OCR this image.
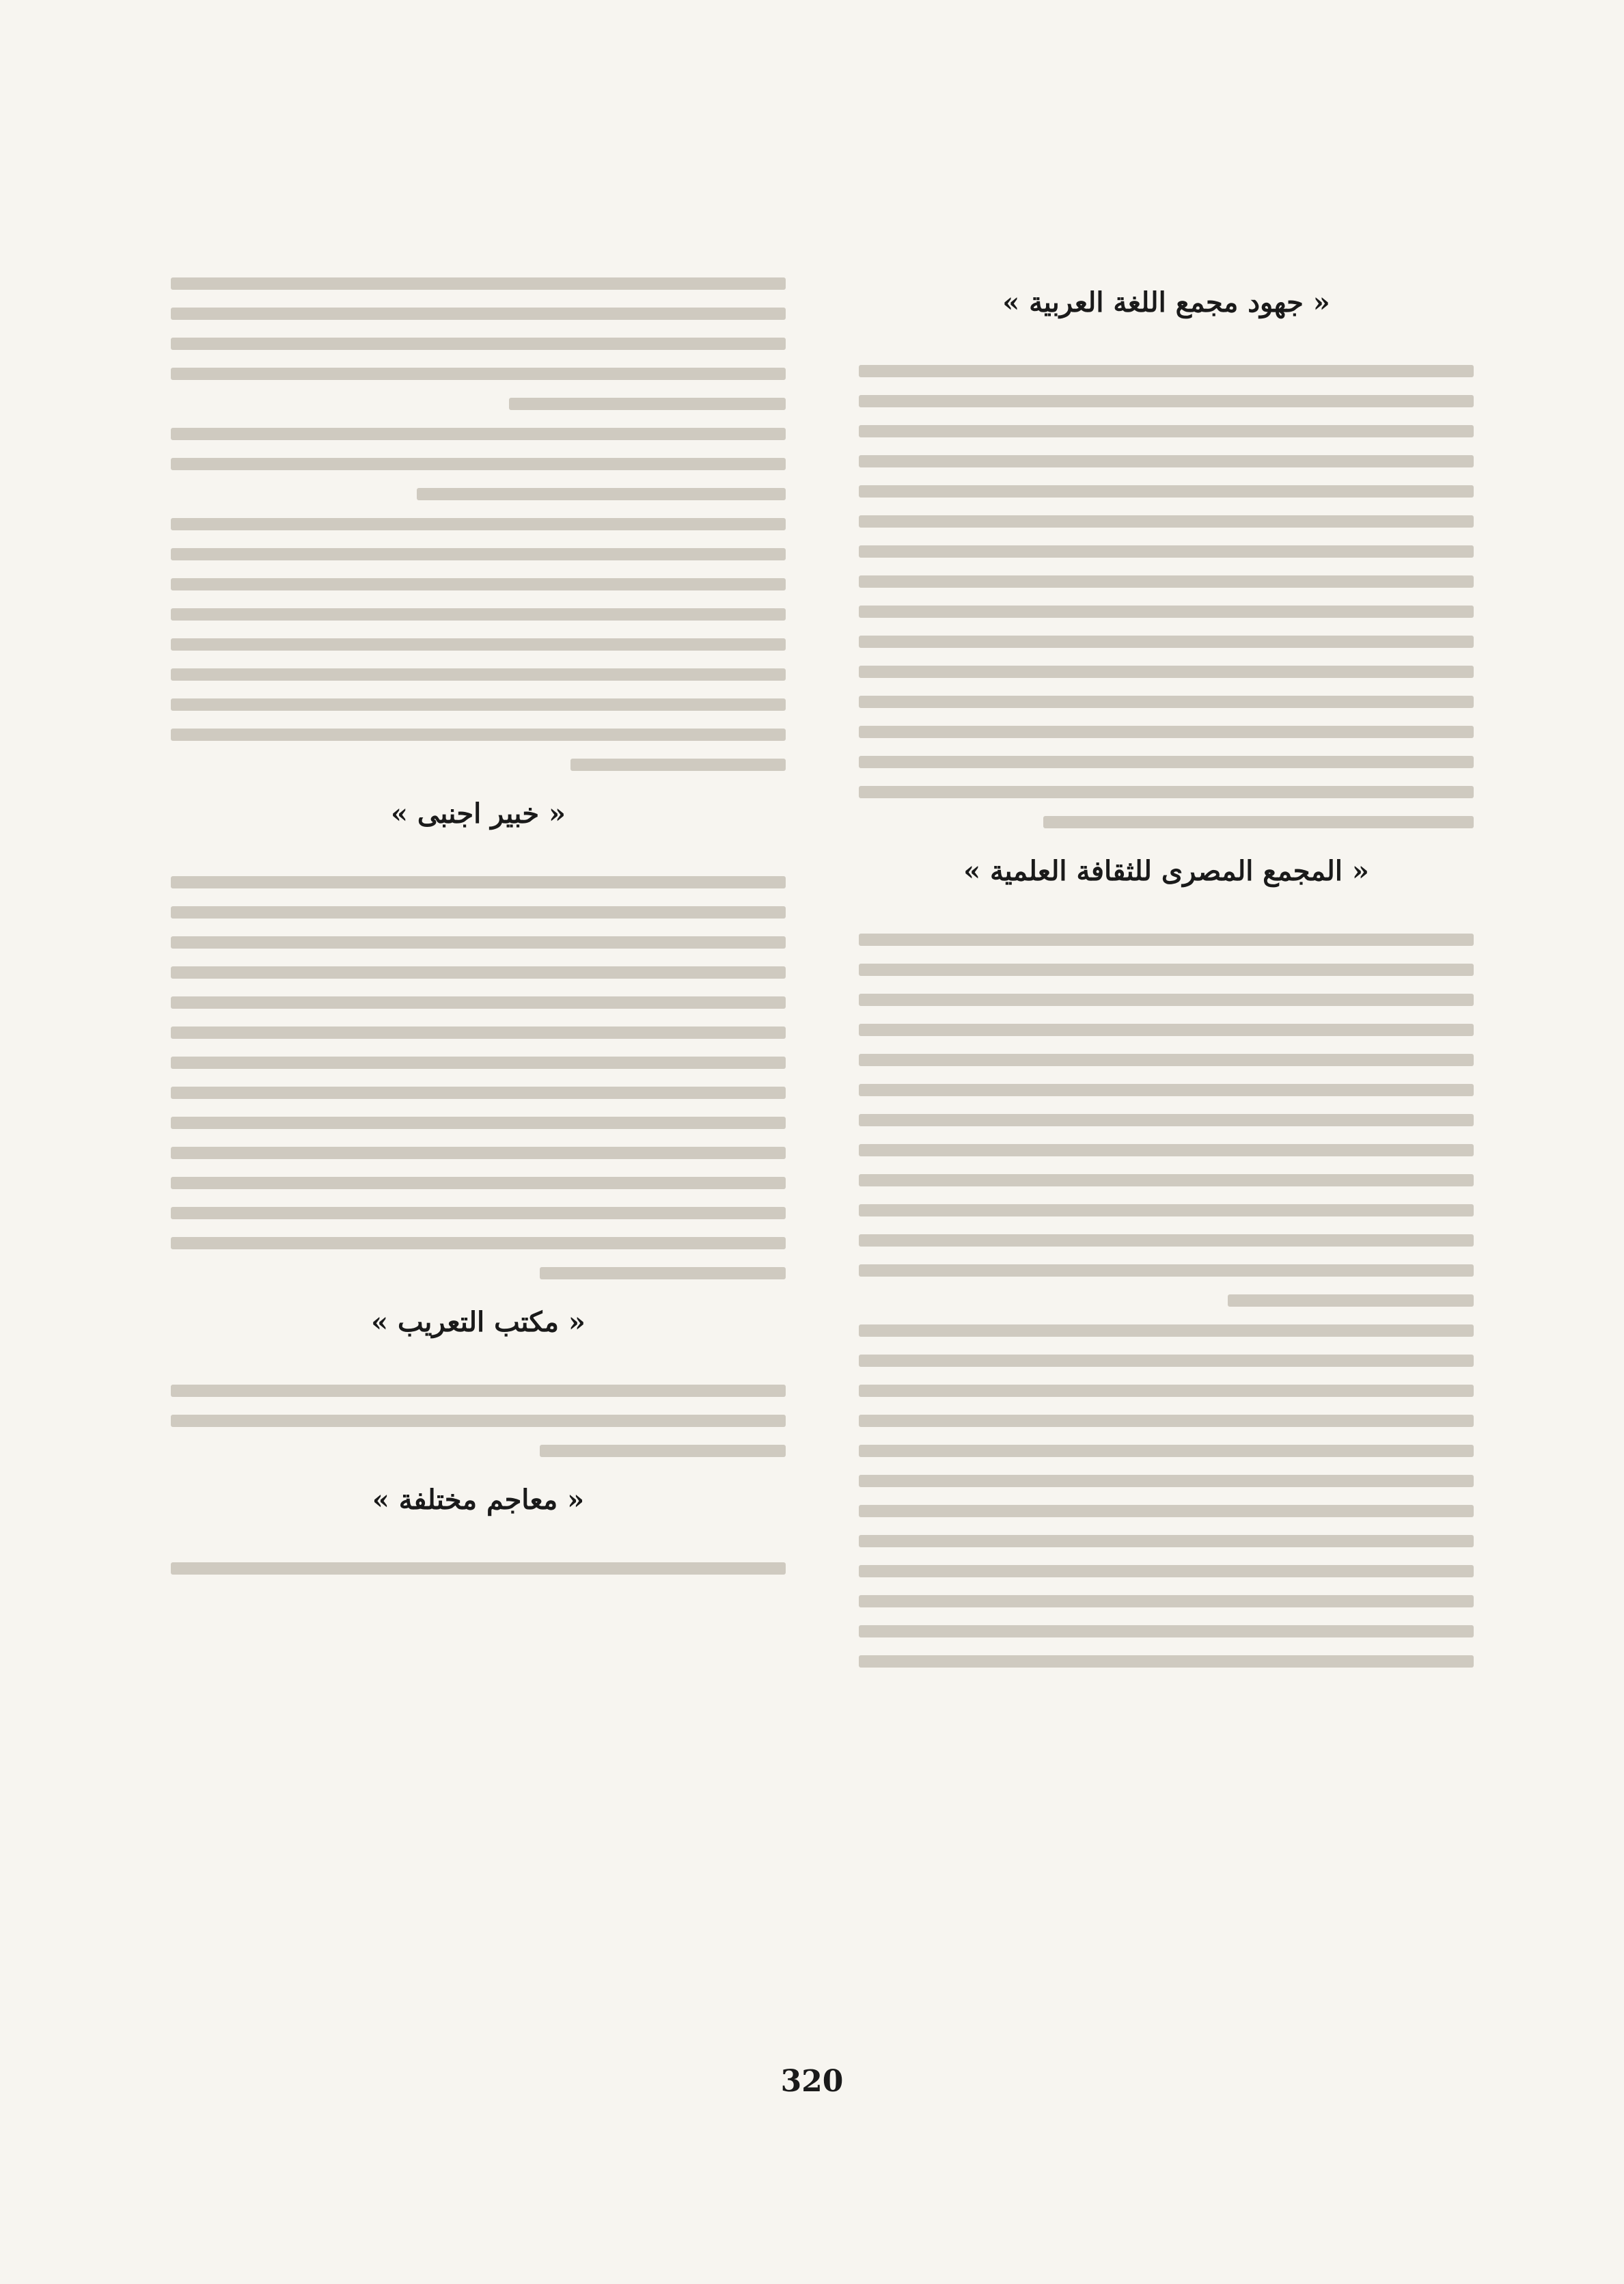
« جهود مجمع اللغة العربية »
« المجمع المصرى للثقافة العلمية »
« خبير اجنبى »
« مكتب التعريب »
« معاجم مختلفة »
320
